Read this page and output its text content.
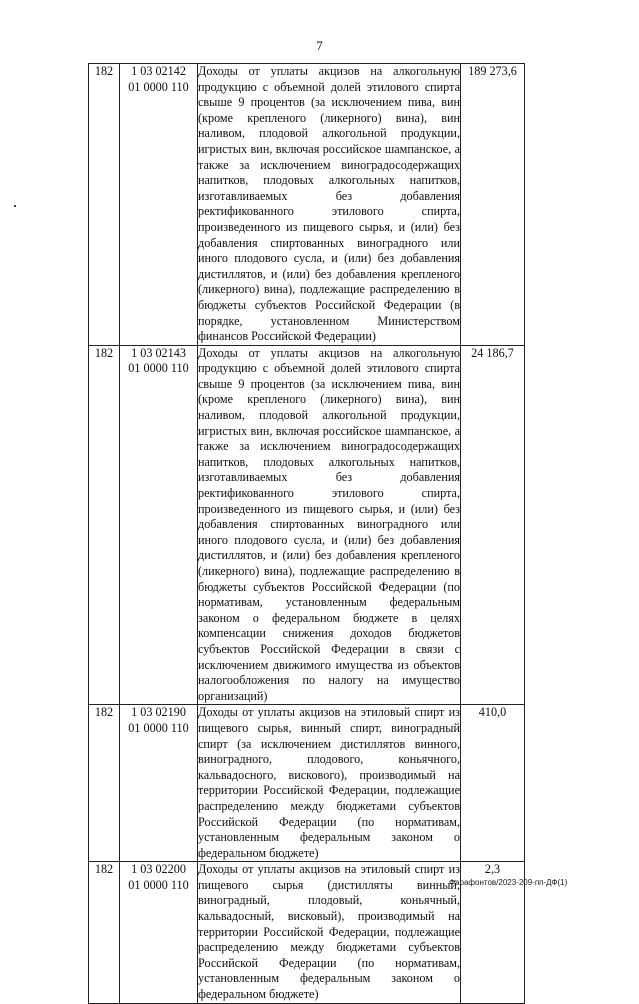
7
182	1 03 02142
01 0000 110	Доходы от уплаты акцизов на алкогольную продукцию с объемной долей этилового спирта свыше 9 процентов (за исключением пива, вин (кроме крепленого (ликерного) вина), вин наливом, плодовой алкогольной продукции, игристых вин, включая российское шампанское, а также за исключением виноградосодержащих напитков, плодовых алкогольных напитков, изготавливаемых без добавления ректификованного этилового спирта, произведенного из пищевого сырья, и (или) без добавления спиртованных виноградного или иного плодового сусла, и (или) без добавления дистиллятов, и (или) без добавления крепленого (ликерного) вина), подлежащие распределению в бюджеты субъектов Российской Федерации (в порядке, установленном Министерством финансов Российской Федерации)	189 273,6
182	1 03 02143
01 0000 110	Доходы от уплаты акцизов на алкогольную продукцию с объемной долей этилового спирта свыше 9 процентов (за исключением пива, вин (кроме крепленого (ликерного) вина), вин наливом, плодовой алкогольной продукции, игристых вин, включая российское шампанское, а также за исключением виноградосодержащих напитков, плодовых алкогольных напитков, изготавливаемых без добавления ректификованного этилового спирта, произведенного из пищевого сырья, и (или) без добавления спиртованных виноградного или иного плодового сусла, и (или) без добавления дистиллятов, и (или) без добавления крепленого (ликерного) вина), подлежащие распределению в бюджеты субъектов Российской Федерации (по нормативам, установленным федеральным законом о федеральном бюджете в целях компенсации снижения доходов бюджетов субъектов Российской Федерации в связи с исключением движимого имущества из объектов налогообложения по налогу на имущество организаций)	24 186,7
182	1 03 02190
01 0000 110	Доходы от уплаты акцизов на этиловый спирт из пищевого сырья, винный спирт, виноградный спирт (за исключением дистиллятов винного, виноградного, плодового, коньячного, кальвадосного, вискового), производимый на территории Российской Федерации, подлежащие распределению между бюджетами субъектов Российской Федерации (по нормативам, установленным федеральным законом о федеральном бюджете)	410,0
182	1 03 02200
01 0000 110	Доходы от уплаты акцизов на этиловый спирт из пищевого сырья (дистилляты винный, виноградный, плодовый, коньячный, кальвадосный, висковый), производимый на территории Российской Федерации, подлежащие распределению между бюджетами субъектов Российской Федерации (по нормативам, установленным федеральным законом о федеральном бюджете)	2,3
Фарафонтов/2023-209-пп-ДФ(1)
